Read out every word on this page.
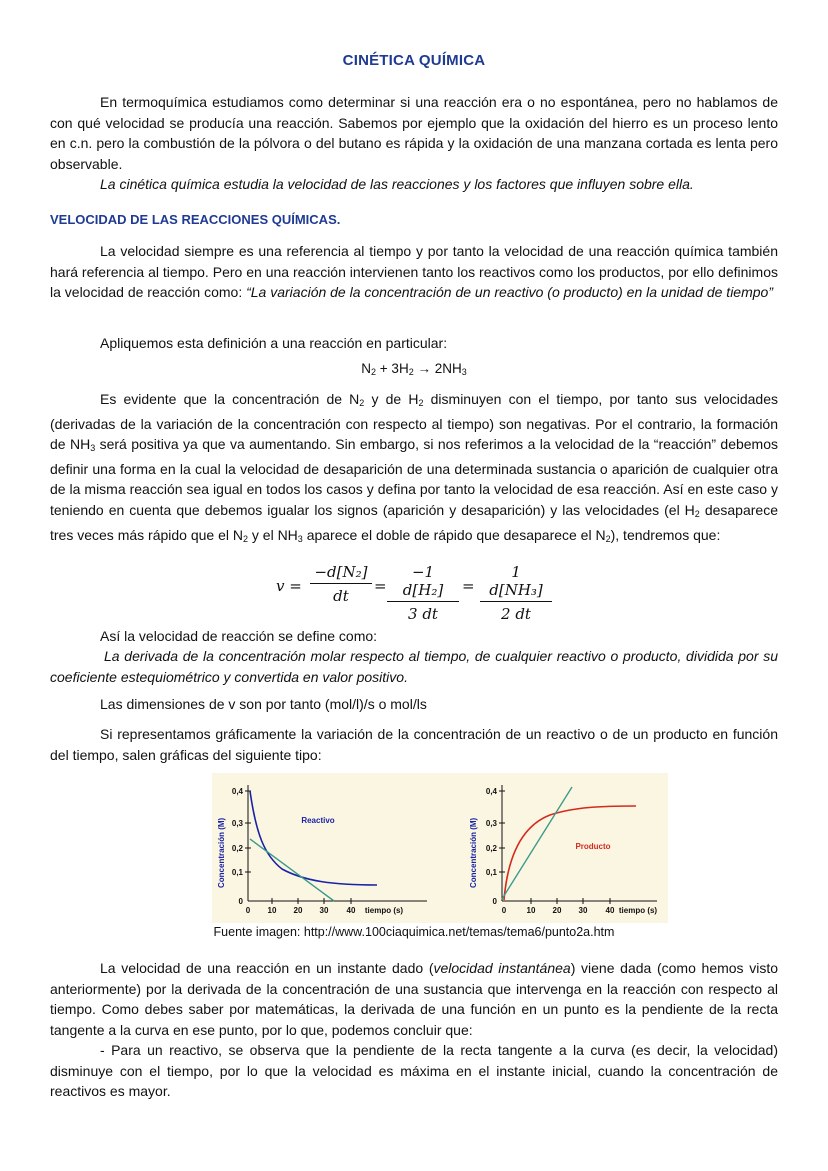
CINÉTICA QUÍMICA
En termoquímica estudiamos como determinar si una reacción era o no espontánea, pero no hablamos de con qué velocidad se producía una reacción. Sabemos por ejemplo que la oxidación del hierro es un proceso lento en c.n. pero la combustión de la pólvora o del butano es rápida y la oxidación de una manzana cortada es lenta pero observable.
La cinética química estudia la velocidad de las reacciones y los factores que influyen sobre ella.
VELOCIDAD DE LAS REACCIONES QUÍMICAS.
La velocidad siempre es una referencia al tiempo y por tanto la velocidad de una reacción química también hará referencia al tiempo. Pero en una reacción intervienen tanto los reactivos como los productos, por ello definimos la velocidad de reacción como: “La variación de la concentración de un reactivo (o producto) en la unidad de tiempo”
Apliquemos esta definición a una reacción en particular:
$N_2 + 3H_2 \to 2NH_3$
Es evidente que la concentración de $N_2$ y de $H_2$ disminuyen con el tiempo, por tanto sus velocidades (derivadas de la variación de la concentración con respecto al tiempo) son negativas. Por el contrario, la formación de $NH_3$ será positiva ya que va aumentando. Sin embargo, si nos referimos a la velocidad de la “reacción” debemos definir una forma en la cual la velocidad de desaparición de una determinada sustancia o aparición de cualquier otra de la misma reacción sea igual en todos los casos y defina por tanto la velocidad de esa reacción. Así en este caso y teniendo en cuenta que debemos igualar los signos (aparición y desaparición) y las velocidades (el $H_2$ desaparece tres veces más rápido que el $N_2$ y el $NH_3$ aparece el doble de rápido que desaparece el $N_2$), tendremos que:
$v = \frac{\text{−d[N₂]}}{dt} = \frac{\text{−1 d[H₂]}}{3 dt} = \frac{\text{1 d[NH₃]}}{2 dt}$
Así la velocidad de reacción se define como:
La derivada de la concentración molar respecto al tiempo, de cualquier reactivo o producto, dividida por su coeficiente estequiométrico y convertida en valor positivo.
Las dimensiones de v son por tanto (mol/l)/s o mol/ls
Si representamos gráficamente la variación de la concentración de un reactivo o de un producto en función del tiempo, salen gráficas del siguiente tipo:
Concentración (M)
0
0,1
0,2
0,3
0,4
0 10 20 30 40 tiempo (s)
Reactivo	Concentración (M)
0
0,1
0,2
0,3
0,4
0	10 20 30 40 tiempo (s)
Producto
Fuente imagen: http://www.100ciaquimica.net/temas/tema6/punto2a.htm
La velocidad de una reacción en un instante dado (velocidad instantánea) viene dada (como hemos visto anteriormente) por la derivada de la concentración de una sustancia que intervenga en la reacción con respecto al tiempo. Como debes saber por matemáticas, la derivada de una función en un punto es la pendiente de la recta tangente a la curva en ese punto, por lo que, podemos concluir que:
- Para un reactivo, se observa que la pendiente de la recta tangente a la curva (es decir, la velocidad) disminuye con el tiempo, por lo que la velocidad es máxima en el instante inicial, cuando la concentración de reactivos es mayor.
